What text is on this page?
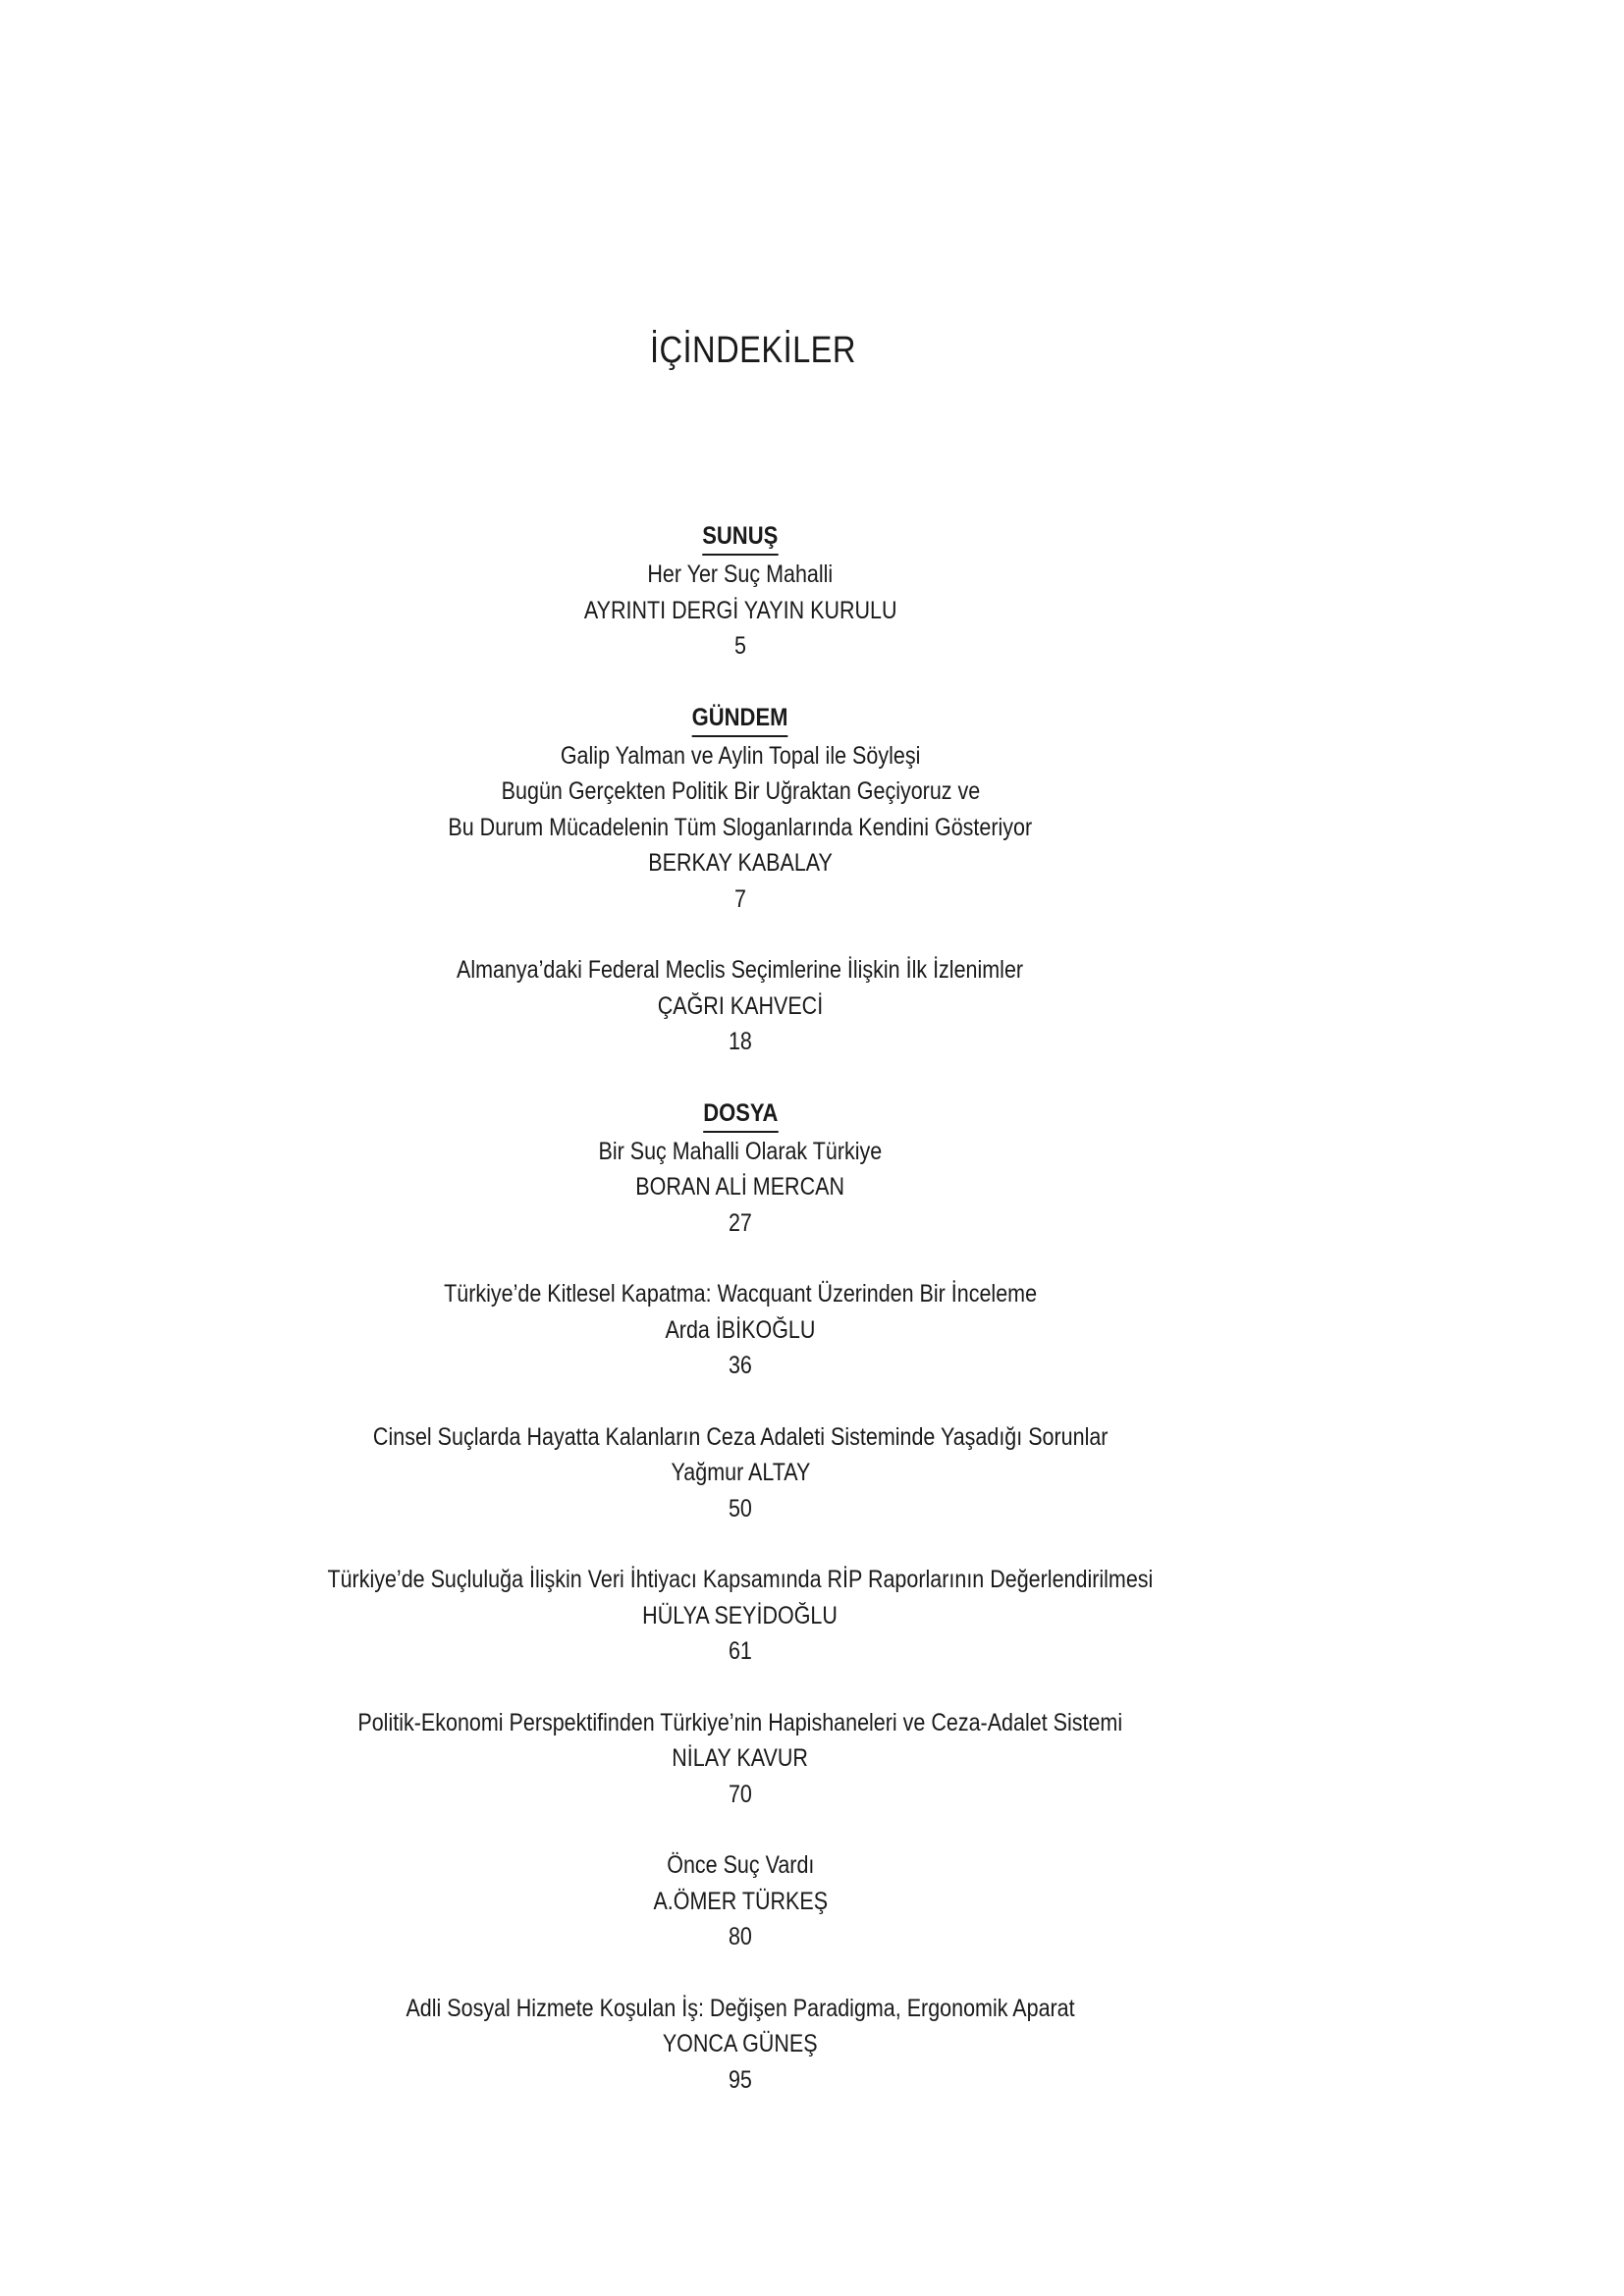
İÇİNDEKİLER
SUNUŞ
Her Yer Suç Mahalli
AYRINTI DERGİ YAYIN KURULU
5
GÜNDEM
Galip Yalman ve Aylin Topal ile Söyleşi
Bugün Gerçekten Politik Bir Uğraktan Geçiyoruz ve
Bu Durum Mücadelenin Tüm Sloganlarında Kendini Gösteriyor
BERKAY KABALAY
7
Almanya’daki Federal Meclis Seçimlerine İlişkin İlk İzlenimler
ÇAĞRI KAHVECİ
18
DOSYA
Bir Suç Mahalli Olarak Türkiye
BORAN ALİ MERCAN
27
Türkiye’de Kitlesel Kapatma: Wacquant Üzerinden Bir İnceleme
Arda İBİKOĞLU
36
Cinsel Suçlarda Hayatta Kalanların Ceza Adaleti Sisteminde Yaşadığı Sorunlar
Yağmur ALTAY
50
Türkiye’de Suçluluğa İlişkin Veri İhtiyacı Kapsamında RİP Raporlarının Değerlendirilmesi
HÜLYA SEYİDOĞLU
61
Politik-Ekonomi Perspektifinden Türkiye’nin Hapishaneleri ve Ceza-Adalet Sistemi
NİLAY KAVUR
70
Önce Suç Vardı
A.ÖMER TÜRKEŞ
80
Adli Sosyal Hizmete Koşulan İş: Değişen Paradigma, Ergonomik Aparat
YONCA GÜNEŞ
95
